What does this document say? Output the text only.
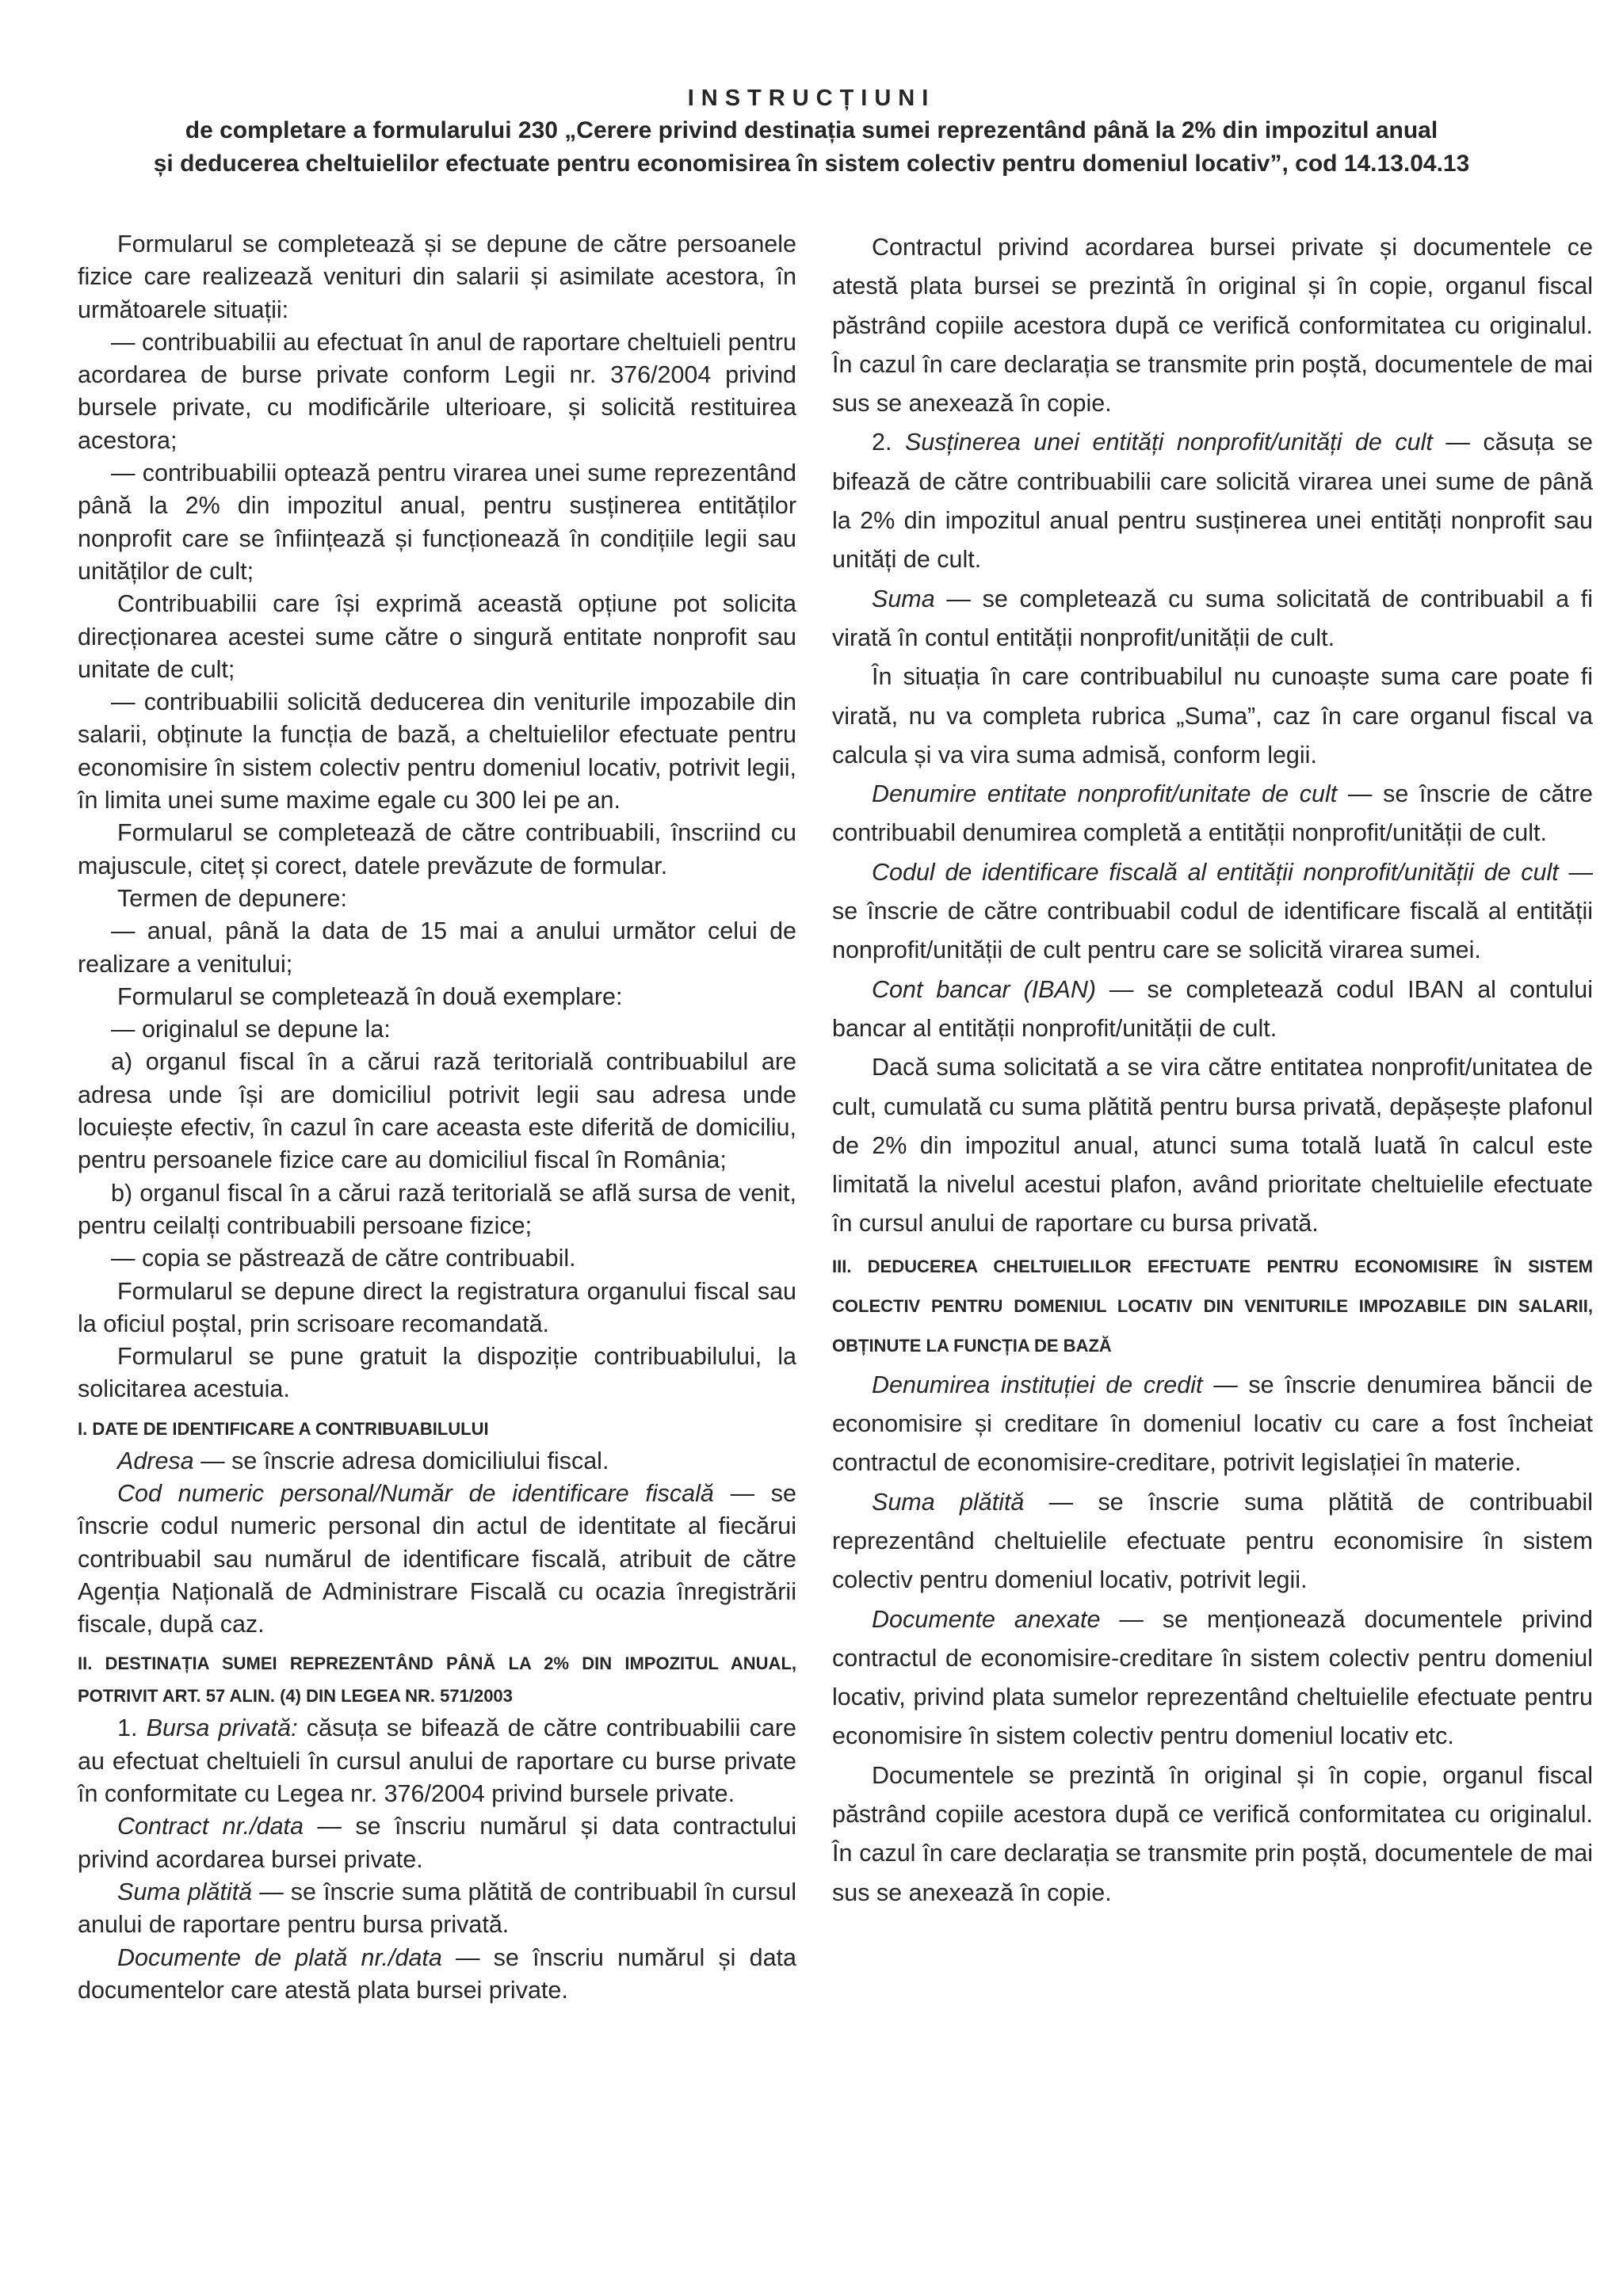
INSTRUCȚIUNI
de completare a formularului 230 „Cerere privind destinația sumei reprezentând până la 2% din impozitul anual
și deducerea cheltuielilor efectuate pentru economisirea în sistem colectiv pentru domeniul locativ”, cod 14.13.04.13

Formularul se completează și se depune de către persoanele fizice care realizează venituri din salarii și asimilate acestora, în următoarele situații:

— contribuabilii au efectuat în anul de raportare cheltuieli pentru acordarea de burse private conform Legii nr. 376/2004 privind bursele private, cu modificările ulterioare, și solicită restituirea acestora;

— contribuabilii optează pentru virarea unei sume reprezentând până la 2% din impozitul anual, pentru susținerea entităților nonprofit care se înființează și funcționează în condițiile legii sau unităților de cult;

Contribuabilii care își exprimă această opțiune pot solicita direcționarea acestei sume către o singură entitate nonprofit sau unitate de cult;

— contribuabilii solicită deducerea din veniturile impozabile din salarii, obținute la funcția de bază, a cheltuielilor efectuate pentru economisire în sistem colectiv pentru domeniul locativ, potrivit legii, în limita unei sume maxime egale cu 300 lei pe an.

Formularul se completează de către contribuabili, înscriind cu majuscule, citeț și corect, datele prevăzute de formular.

Termen de depunere:

— anual, până la data de 15 mai a anului următor celui de realizare a venitului;

Formularul se completează în două exemplare:

— originalul se depune la:

a) organul fiscal în a cărui rază teritorială contribuabilul are adresa unde își are domiciliul potrivit legii sau adresa unde locuiește efectiv, în cazul în care aceasta este diferită de domiciliu, pentru persoanele fizice care au domiciliul fiscal în România;

b) organul fiscal în a cărui rază teritorială se află sursa de venit, pentru ceilalți contribuabili persoane fizice;

— copia se păstrează de către contribuabil.

Formularul se depune direct la registratura organului fiscal sau la oficiul poștal, prin scrisoare recomandată.

Formularul se pune gratuit la dispoziție contribuabilului, la solicitarea acestuia.

I. DATE DE IDENTIFICARE A CONTRIBUABILULUI

Adresa — se înscrie adresa domiciliului fiscal.

Cod numeric personal/Număr de identificare fiscală — se înscrie codul numeric personal din actul de identitate al fiecărui contribuabil sau numărul de identificare fiscală, atribuit de către Agenția Națională de Administrare Fiscală cu ocazia înregistrării fiscale, după caz.

II. DESTINAȚIA SUMEI REPREZENTÂND PÂNĂ LA 2% DIN IMPOZITUL ANUAL, POTRIVIT ART. 57 ALIN. (4) DIN LEGEA NR. 571/2003

1. Bursa privată: căsuța se bifează de către contribuabilii care au efectuat cheltuieli în cursul anului de raportare cu burse private în conformitate cu Legea nr. 376/2004 privind bursele private.

Contract nr./data — se înscriu numărul și data contractului privind acordarea bursei private.

Suma plătită — se înscrie suma plătită de contribuabil în cursul anului de raportare pentru bursa privată.

Documente de plată nr./data — se înscriu numărul și data documentelor care atestă plata bursei private.

Contractul privind acordarea bursei private și documentele ce atestă plata bursei se prezintă în original și în copie, organul fiscal păstrând copiile acestora după ce verifică conformitatea cu originalul. În cazul în care declarația se transmite prin poștă, documentele de mai sus se anexează în copie.

2. Susținerea unei entități nonprofit/unități de cult — căsuța se bifează de către contribuabilii care solicită virarea unei sume de până la 2% din impozitul anual pentru susținerea unei entități nonprofit sau unități de cult.

Suma — se completează cu suma solicitată de contribuabil a fi virată în contul entității nonprofit/unității de cult.

În situația în care contribuabilul nu cunoaște suma care poate fi virată, nu va completa rubrica „Suma”, caz în care organul fiscal va calcula și va vira suma admisă, conform legii.

Denumire entitate nonprofit/unitate de cult — se înscrie de către contribuabil denumirea completă a entității nonprofit/unității de cult.

Codul de identificare fiscală al entității nonprofit/unității de cult — se înscrie de către contribuabil codul de identificare fiscală al entității nonprofit/unității de cult pentru care se solicită virarea sumei.

Cont bancar (IBAN) — se completează codul IBAN al contului bancar al entității nonprofit/unității de cult.

Dacă suma solicitată a se vira către entitatea nonprofit/unitatea de cult, cumulată cu suma plătită pentru bursa privată, depășește plafonul de 2% din impozitul anual, atunci suma totală luată în calcul este limitată la nivelul acestui plafon, având prioritate cheltuielile efectuate în cursul anului de raportare cu bursa privată.

III. DEDUCEREA CHELTUIELILOR EFECTUATE PENTRU ECONOMISIRE ÎN SISTEM COLECTIV PENTRU DOMENIUL LOCATIV DIN VENITURILE IMPOZABILE DIN SALARII, OBȚINUTE LA FUNCȚIA DE BAZĂ

Denumirea instituției de credit — se înscrie denumirea băncii de economisire și creditare în domeniul locativ cu care a fost încheiat contractul de economisire-creditare, potrivit legislației în materie.

Suma plătită — se înscrie suma plătită de contribuabil reprezentând cheltuielile efectuate pentru economisire în sistem colectiv pentru domeniul locativ, potrivit legii.

Documente anexate — se menționează documentele privind contractul de economisire-creditare în sistem colectiv pentru domeniul locativ, privind plata sumelor reprezentând cheltuielile efectuate pentru economisire în sistem colectiv pentru domeniul locativ etc.

Documentele se prezintă în original și în copie, organul fiscal păstrând copiile acestora după ce verifică conformitatea cu originalul. În cazul în care declarația se transmite prin poștă, documentele de mai sus se anexează în copie.
